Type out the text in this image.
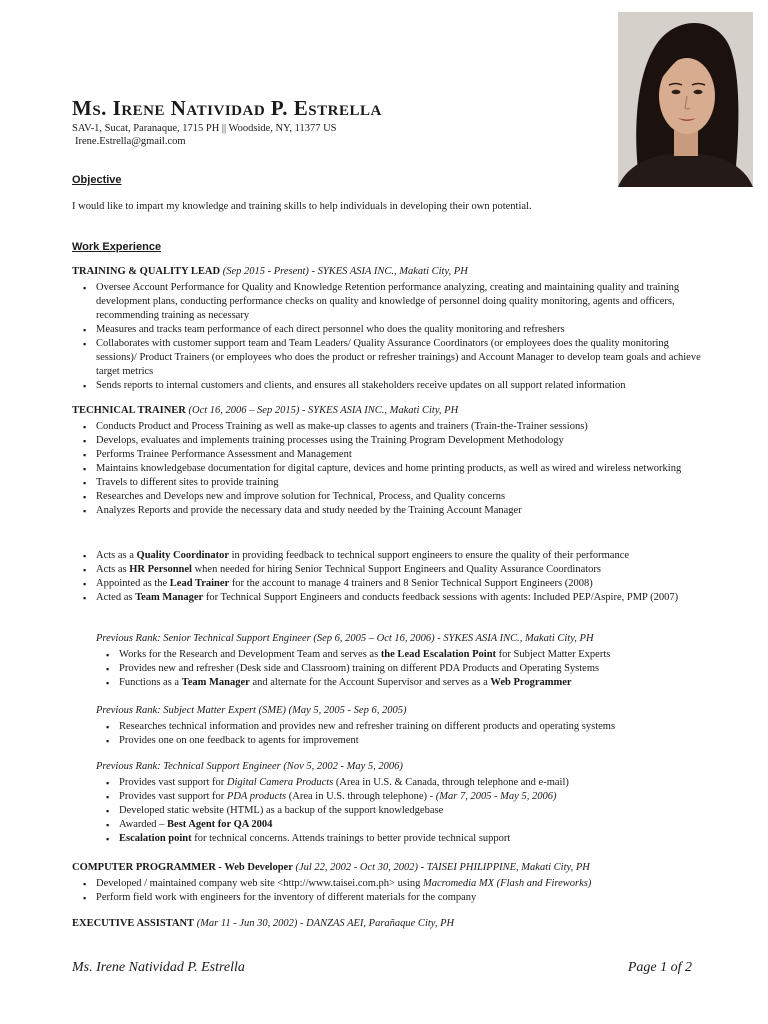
Ms. Irene Natividad P. Estrella
SAV-1, Sucat, Paranaque, 1715 PH || Woodside, NY, 11377 US
Irene.Estrella@gmail.com
Objective
I would like to impart my knowledge and training skills to help individuals in developing their own potential.
Work Experience
TRAINING & QUALITY LEAD (Sep 2015 - Present) - SYKES ASIA INC., Makati City, PH
▪ Oversee Account Performance for Quality and Knowledge Retention performance analyzing, creating and maintaining quality and training development plans, conducting performance checks on quality and knowledge of personnel doing quality monitoring, agents and officers, recommending training as necessary
▪ Measures and tracks team performance of each direct personnel who does the quality monitoring and refreshers
▪ Collaborates with customer support team and Team Leaders/ Quality Assurance Coordinators (or employees does the quality monitoring sessions)/ Product Trainers (or employees who does the product or refresher trainings) and Account Manager to develop team goals and achieve target metrics
▪ Sends reports to internal customers and clients, and ensures all stakeholders receive updates on all support related information
TECHNICAL TRAINER (Oct 16, 2006 – Sep 2015) - SYKES ASIA INC., Makati City, PH
▪ Conducts Product and Process Training as well as make-up classes to agents and trainers (Train-the-Trainer sessions)
▪ Develops, evaluates and implements training processes using the Training Program Development Methodology
▪ Performs Trainee Performance Assessment and Management
▪ Maintains knowledgebase documentation for digital capture, devices and home printing products, as well as wired and wireless networking
▪ Travels to different sites to provide training
▪ Researches and Develops new and improve solution for Technical, Process, and Quality concerns
▪ Analyzes Reports and provide the necessary data and study needed by the Training Account Manager
▪ Acts as a Quality Coordinator in providing feedback to technical support engineers to ensure the quality of their performance
▪ Acts as HR Personnel when needed for hiring Senior Technical Support Engineers and Quality Assurance Coordinators
▪ Appointed as the Lead Trainer for the account to manage 4 trainers and 8 Senior Technical Support Engineers (2008)
▪ Acted as Team Manager for Technical Support Engineers and conducts feedback sessions with agents: Included PEP/Aspire, PMP (2007)
Previous Rank: Senior Technical Support Engineer (Sep 6, 2005 – Oct 16, 2006) - SYKES ASIA INC., Makati City, PH
▪ Works for the Research and Development Team and serves as the Lead Escalation Point for Subject Matter Experts
▪ Provides new and refresher (Desk side and Classroom) training on different PDA Products and Operating Systems
▪ Functions as a Team Manager and alternate for the Account Supervisor and serves as a Web Programmer
Previous Rank: Subject Matter Expert (SME) (May 5, 2005 - Sep 6, 2005)
▪ Researches technical information and provides new and refresher training on different products and operating systems
▪ Provides one on one feedback to agents for improvement
Previous Rank: Technical Support Engineer (Nov 5, 2002 - May 5, 2006)
▪ Provides vast support for Digital Camera Products (Area in U.S. & Canada, through telephone and e-mail)
▪ Provides vast support for PDA products (Area in U.S. through telephone) - (Mar 7, 2005 - May 5, 2006)
▪ Developed static website (HTML) as a backup of the support knowledgebase
▪ Awarded – Best Agent for QA 2004
▪ Escalation point for technical concerns. Attends trainings to better provide technical support
COMPUTER PROGRAMMER - Web Developer (Jul 22, 2002 - Oct 30, 2002) - TAISEI PHILIPPINE, Makati City, PH
▪ Developed / maintained company web site <http://www.taisei.com.ph> using Macromedia MX (Flash and Fireworks)
▪ Perform field work with engineers for the inventory of different materials for the company
EXECUTIVE ASSISTANT (Mar 11 - Jun 30, 2002) - DANZAS AEI, Parañaque City, PH
Ms. Irene Natividad P. Estrella	Page 1 of 2
